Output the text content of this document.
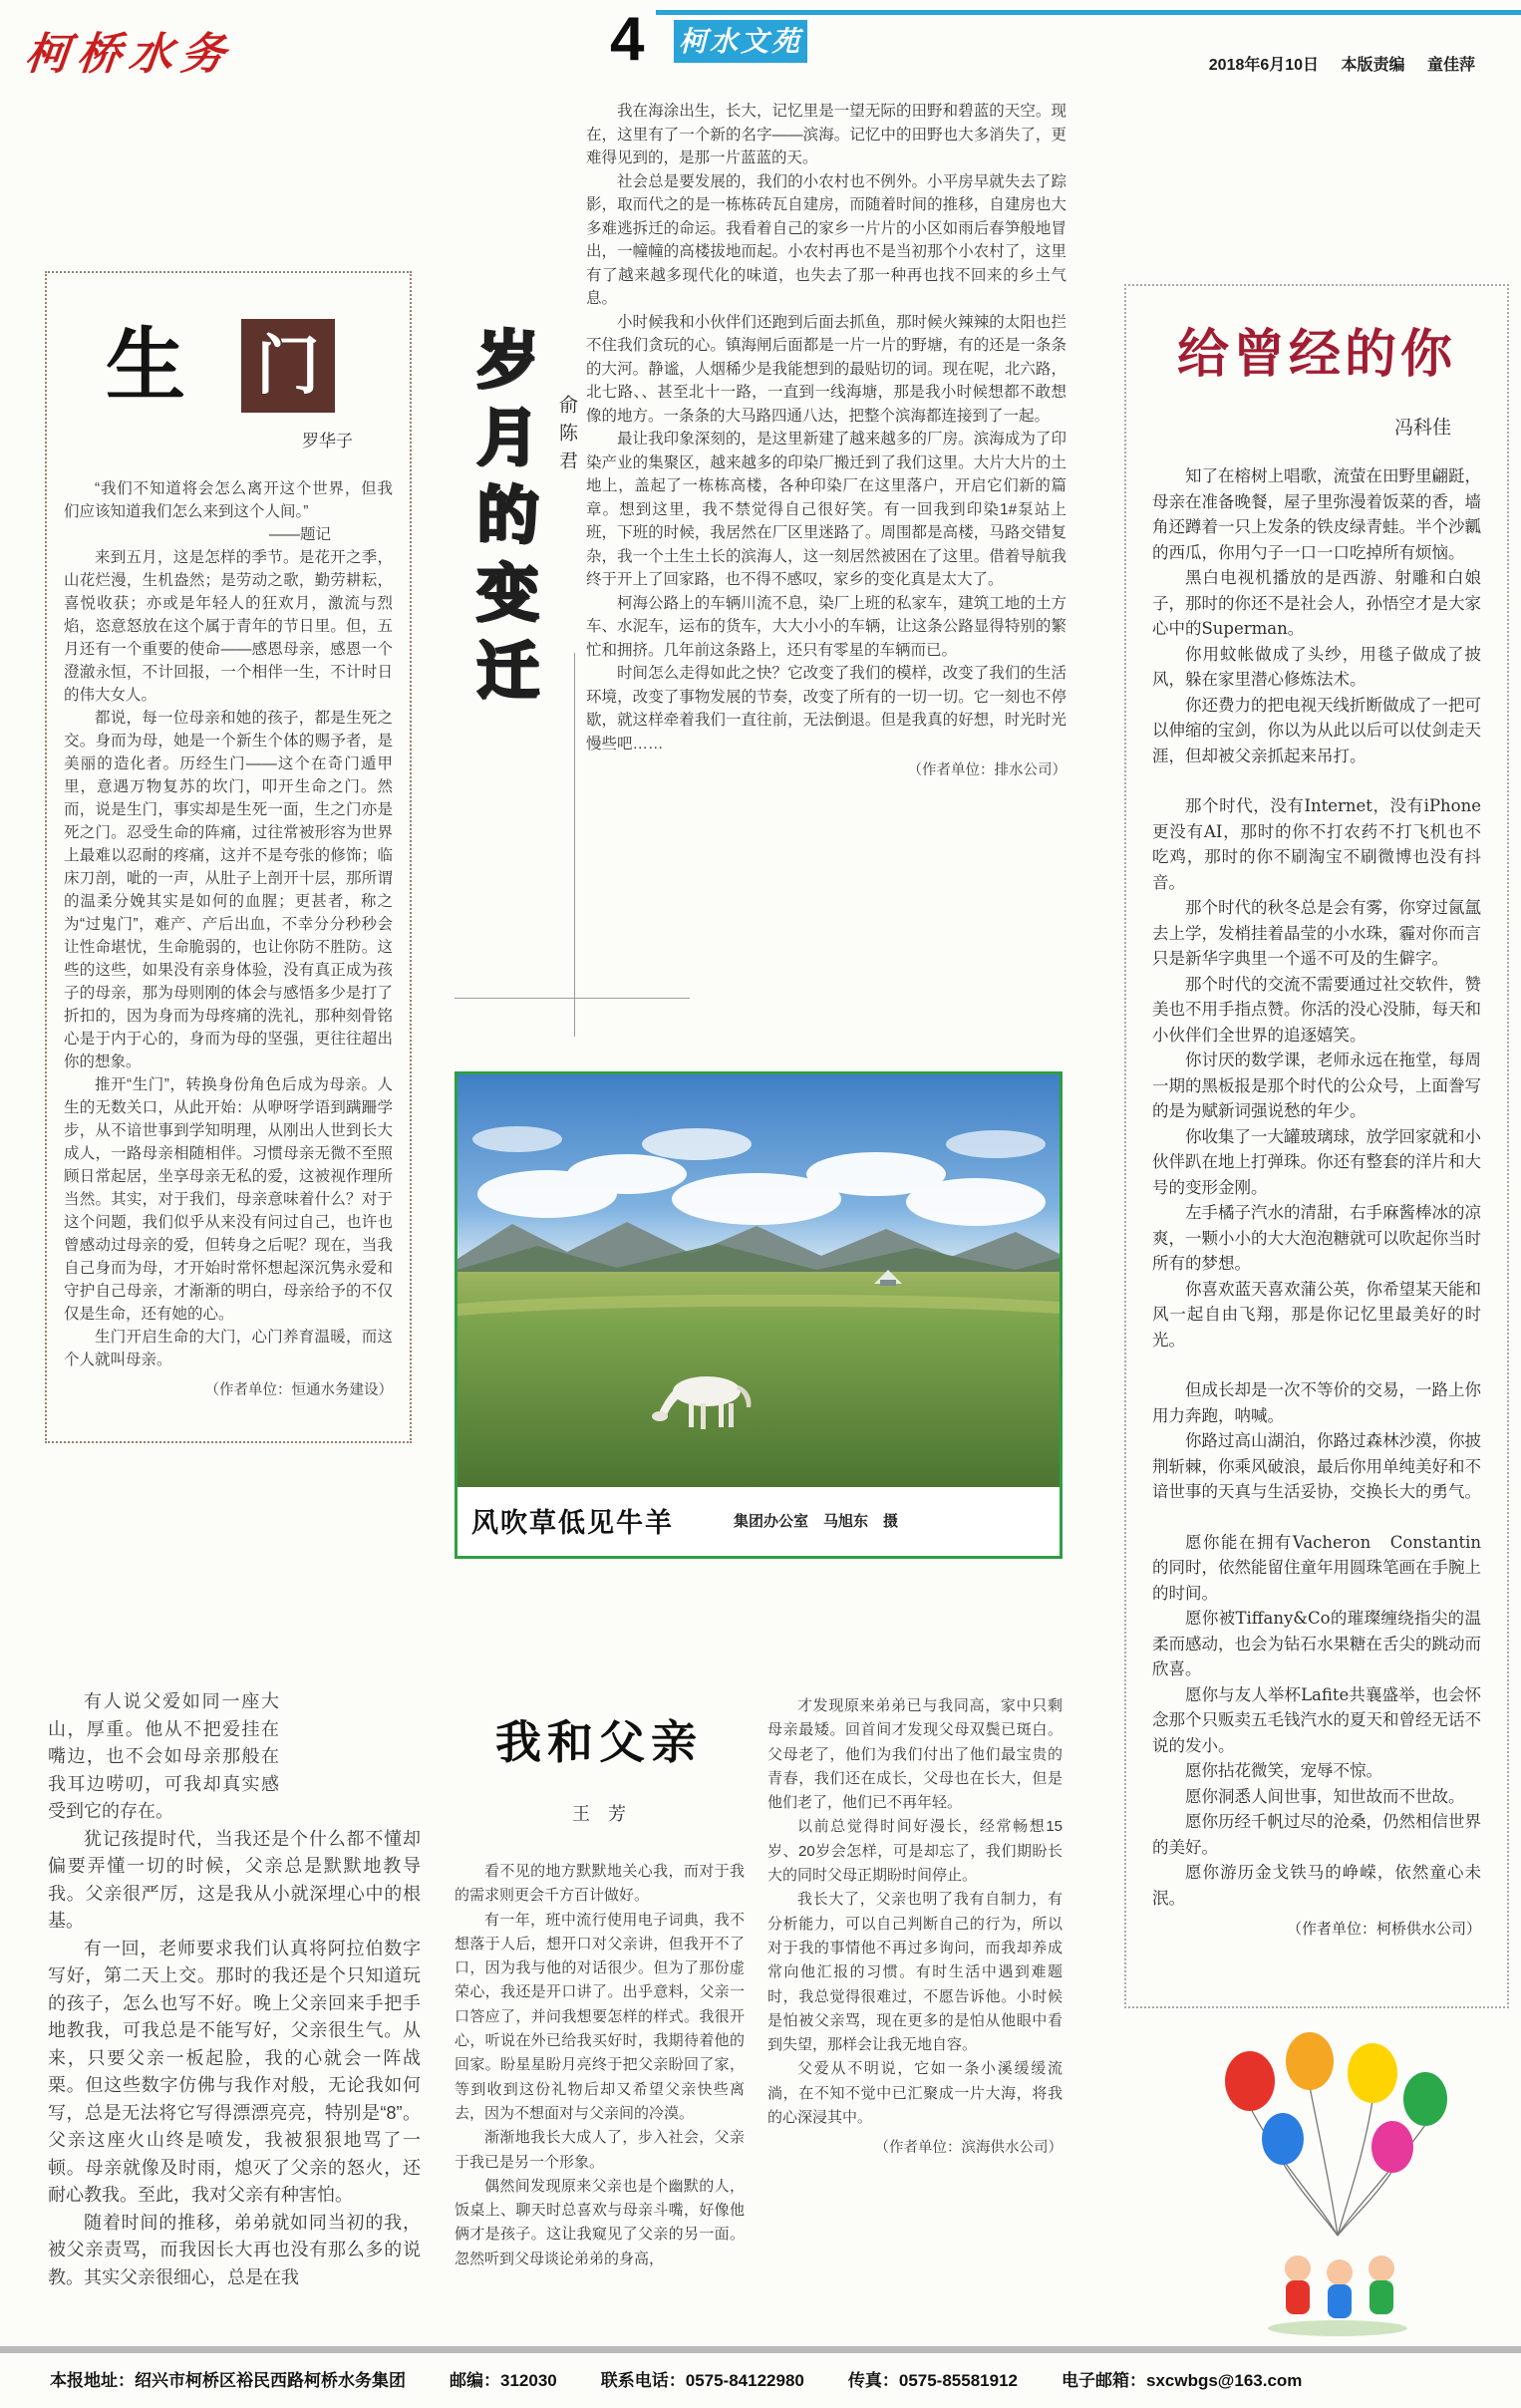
柯桥水务	4 柯水文苑
2018年6月10日 本版责编 童佳萍
生 门
罗华子

“我们不知道将会怎么离开这个世界，但我们应该知道我们怎么来到这个人间。”

——题记

来到五月，这是怎样的季节。是花开之季，山花烂漫，生机盎然；是劳动之歌，勤劳耕耘，喜悦收获；亦或是年轻人的狂欢月，激流与烈焰，恣意怒放在这个属于青年的节日里。但，五月还有一个重要的使命——感恩母亲，感恩一个澄澈永恒，不计回报，一个相伴一生，不计时日的伟大女人。

都说，每一位母亲和她的孩子，都是生死之交。身而为母，她是一个新生个体的赐予者，是美丽的造化者。历经生门——这个在奇门遁甲里，意遇万物复苏的坎门，叩开生命之门。然而，说是生门，事实却是生死一面，生之门亦是死之门。忍受生命的阵痛，过往常被形容为世界上最难以忍耐的疼痛，这并不是夸张的修饰；临床刀剖，呲的一声，从肚子上剖开十层，那所谓的温柔分娩其实是如何的血腥；更甚者，称之为“过鬼门”，难产、产后出血，不幸分分秒秒会让性命堪忧，生命脆弱的，也让你防不胜防。这些的这些，如果没有亲身体验，没有真正成为孩子的母亲，那为母则刚的体会与感悟多少是打了折扣的，因为身而为母疼痛的洗礼，那种刻骨铭心是于内于心的，身而为母的坚强，更往往超出你的想象。

推开“生门”，转换身份角色后成为母亲。人生的无数关口，从此开始：从咿呀学语到蹒跚学步，从不谙世事到学知明理，从刚出人世到长大成人，一路母亲相随相伴。习惯母亲无微不至照顾日常起居，坐享母亲无私的爱，这被视作理所当然。其实，对于我们，母亲意味着什么？对于这个问题，我们似乎从来没有问过自己，也许也曾感动过母亲的爱，但转身之后呢？现在，当我自己身而为母，才开始时常怀想起深沉隽永爱和守护自己母亲，才渐渐的明白，母亲给予的不仅仅是生命，还有她的心。

生门开启生命的大门，心门养育温暖，而这个人就叫母亲。

（作者单位：恒通水务建设）

岁月的变迁	俞陈君

我在海涂出生，长大，记忆里是一望无际的田野和碧蓝的天空。现在，这里有了一个新的名字——滨海。记忆中的田野也大多消失了，更难得见到的，是那一片蓝蓝的天。

社会总是要发展的，我们的小农村也不例外。小平房早就失去了踪影，取而代之的是一栋栋砖瓦自建房，而随着时间的推移，自建房也大多难逃拆迁的命运。我看着自己的家乡一片片的小区如雨后春笋般地冒出，一幢幢的高楼拔地而起。小农村再也不是当初那个小农村了，这里有了越来越多现代化的味道，也失去了那一种再也找不回来的乡土气息。

小时候我和小伙伴们还跑到后面去抓鱼，那时候火辣辣的太阳也拦不住我们贪玩的心。镇海闸后面都是一片一片的野塘，有的还是一条条的大河。静谧，人烟稀少是我能想到的最贴切的词。现在呢，北六路，北七路、、甚至北十一路，一直到一线海塘，那是我小时候想都不敢想像的地方。一条条的大马路四通八达，把整个滨海都连接到了一起。

最让我印象深刻的，是这里新建了越来越多的厂房。滨海成为了印染产业的集聚区，越来越多的印染厂搬迁到了我们这里。大片大片的土地上，盖起了一栋栋高楼，各种印染厂在这里落户，开启它们新的篇章。想到这里，我不禁觉得自己很好笑。有一回我到印染1#泵站上班，下班的时候，我居然在厂区里迷路了。周围都是高楼，马路交错复杂，我一个土生土长的滨海人，这一刻居然被困在了这里。借着导航我终于开上了回家路，也不得不感叹，家乡的变化真是太大了。

柯海公路上的车辆川流不息，染厂上班的私家车，建筑工地的土方车、水泥车，运布的货车，大大小小的车辆，让这条公路显得特别的繁忙和拥挤。几年前这条路上，还只有零星的车辆而已。

时间怎么走得如此之快？它改变了我们的模样，改变了我们的生活环境，改变了事物发展的节奏，改变了所有的一切一切。它一刻也不停歇，就这样牵着我们一直往前，无法倒退。但是我真的好想，时光时光慢些吧……

（作者单位：排水公司）

风吹草低见牛羊	集团办公室　马旭东　摄
给曾经的你
冯科佳

知了在榕树上唱歌，流萤在田野里翩跹，母亲在准备晚餐，屋子里弥漫着饭菜的香，墙角还蹲着一只上发条的铁皮绿青蛙。半个沙瓤的西瓜，你用勺子一口一口吃掉所有烦恼。

黑白电视机播放的是西游、射雕和白娘子，那时的你还不是社会人，孙悟空才是大家心中的Superman。

你用蚊帐做成了头纱，用毯子做成了披风，躲在家里潜心修炼法术。

你还费力的把电视天线折断做成了一把可以伸缩的宝剑，你以为从此以后可以仗剑走天涯，但却被父亲抓起来吊打。

那个时代，没有Internet，没有iPhone更没有AI，那时的你不打农药不打飞机也不吃鸡，那时的你不刷淘宝不刷微博也没有抖音。

那个时代的秋冬总是会有雾，你穿过氤氲去上学，发梢挂着晶莹的小水珠，霾对你而言只是新华字典里一个遥不可及的生僻字。

那个时代的交流不需要通过社交软件，赞美也不用手指点赞。你活的没心没肺，每天和小伙伴们全世界的追逐嬉笑。

你讨厌的数学课，老师永远在拖堂，每周一期的黑板报是那个时代的公众号，上面誊写的是为赋新词强说愁的年少。

你收集了一大罐玻璃球，放学回家就和小伙伴趴在地上打弹珠。你还有整套的洋片和大号的变形金刚。

左手橘子汽水的清甜，右手麻酱棒冰的凉爽，一颗小小的大大泡泡糖就可以吹起你当时所有的梦想。

你喜欢蓝天喜欢蒲公英，你希望某天能和风一起自由飞翔，那是你记忆里最美好的时光。

但成长却是一次不等价的交易，一路上你用力奔跑，呐喊。

你路过高山湖泊，你路过森林沙漠，你披荆斩棘，你乘风破浪，最后你用单纯美好和不谙世事的天真与生活妥协，交换长大的勇气。

愿你能在拥有Vacheron　Constantin的同时，依然能留住童年用圆珠笔画在手腕上的时间。

愿你被Tiffany&Co的璀璨缠绕指尖的温柔而感动，也会为钻石水果糖在舌尖的跳动而欣喜。

愿你与友人举杯Lafite共襄盛举，也会怀念那个只贩卖五毛钱汽水的夏天和曾经无话不说的发小。

愿你拈花微笑，宠辱不惊。

愿你洞悉人间世事，知世故而不世故。

愿你历经千帆过尽的沧桑，仍然相信世界的美好。

愿你游历金戈铁马的峥嵘，依然童心未泯。

（作者单位：柯桥供水公司）

有人说父爱如同一座大山，厚重。他从不把爱挂在嘴边，也不会如母亲那般在我耳边唠叨，可我却真实感受到它的存在。

犹记孩提时代，当我还是个什么都不懂却偏要弄懂一切的时候，父亲总是默默地教导我。父亲很严厉，这是我从小就深埋心中的根基。

有一回，老师要求我们认真将阿拉伯数字写好，第二天上交。那时的我还是个只知道玩的孩子，怎么也写不好。晚上父亲回来手把手地教我，可我总是不能写好，父亲很生气。从来，只要父亲一板起脸，我的心就会一阵战栗。但这些数字仿佛与我作对般，无论我如何写，总是无法将它写得漂漂亮亮，特别是“8”。父亲这座火山终是喷发，我被狠狠地骂了一顿。母亲就像及时雨，熄灭了父亲的怒火，还耐心教我。至此，我对父亲有种害怕。

随着时间的推移，弟弟就如同当初的我，被父亲责骂，而我因长大再也没有那么多的说教。其实父亲很细心，总是在我

我和父亲
王　芳

看不见的地方默默地关心我，而对于我的需求则更会千方百计做好。

有一年，班中流行使用电子词典，我不想落于人后，想开口对父亲讲，但我开不了口，因为我与他的对话很少。但为了那份虚荣心，我还是开口讲了。出乎意料，父亲一口答应了，并问我想要怎样的样式。我很开心，听说在外已给我买好时，我期待着他的回家。盼星星盼月亮终于把父亲盼回了家，等到收到这份礼物后却又希望父亲快些离去，因为不想面对与父亲间的冷漠。

渐渐地我长大成人了，步入社会，父亲于我已是另一个形象。

偶然间发现原来父亲也是个幽默的人，饭桌上、聊天时总喜欢与母亲斗嘴，好像他俩才是孩子。这让我窥见了父亲的另一面。忽然听到父母谈论弟弟的身高，

才发现原来弟弟已与我同高，家中只剩母亲最矮。回首间才发现父母双鬓已斑白。父母老了，他们为我们付出了他们最宝贵的青春，我们还在成长，父母也在长大，但是他们老了，他们已不再年轻。

以前总觉得时间好漫长，经常畅想15岁、20岁会怎样，可是却忘了，我们期盼长大的同时父母正期盼时间停止。

我长大了，父亲也明了我有自制力，有分析能力，可以自己判断自己的行为，所以对于我的事情他不再过多询问，而我却养成常向他汇报的习惯。有时生活中遇到难题时，我总觉得很难过，不愿告诉他。小时候是怕被父亲骂，现在更多的是怕从他眼中看到失望，那样会让我无地自容。

父爱从不明说，它如一条小溪缓缓流淌，在不知不觉中已汇聚成一片大海，将我的心深浸其中。

（作者单位：滨海供水公司）

本报地址：绍兴市柯桥区裕民西路柯桥水务集团	邮编：312030	联系电话：0575-84122980	传真：0575-85581912	电子邮箱：sxcwbgs@163.com
